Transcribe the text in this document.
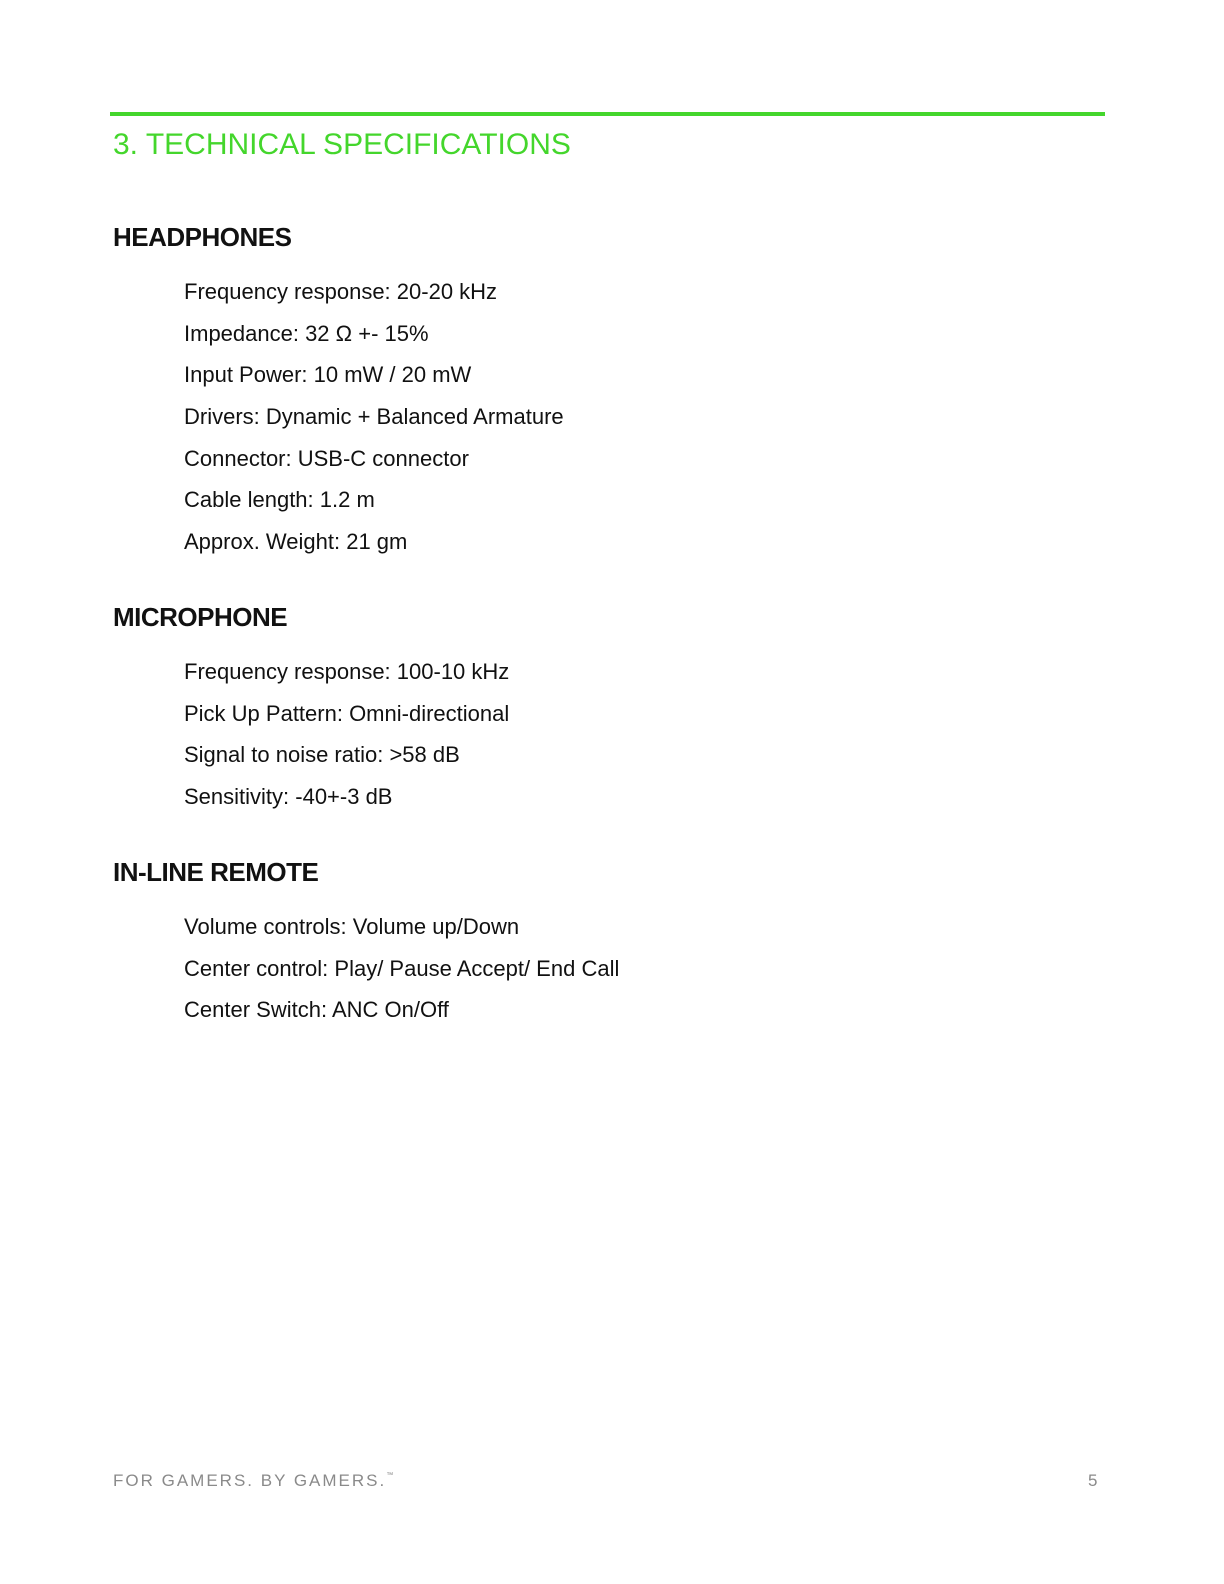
3. TECHNICAL SPECIFICATIONS
HEADPHONES
Frequency response: 20-20 kHz
Impedance: 32 Ω +- 15%
Input Power: 10 mW / 20 mW
Drivers: Dynamic + Balanced Armature
Connector: USB-C connector
Cable length: 1.2 m
Approx. Weight: 21 gm
MICROPHONE
Frequency response: 100-10 kHz
Pick Up Pattern: Omni-directional
Signal to noise ratio: >58 dB
Sensitivity: -40+-3 dB
IN-LINE REMOTE
Volume controls: Volume up/Down
Center control: Play/ Pause Accept/ End Call
Center Switch: ANC On/Off
FOR GAMERS. BY GAMERS.™	5
